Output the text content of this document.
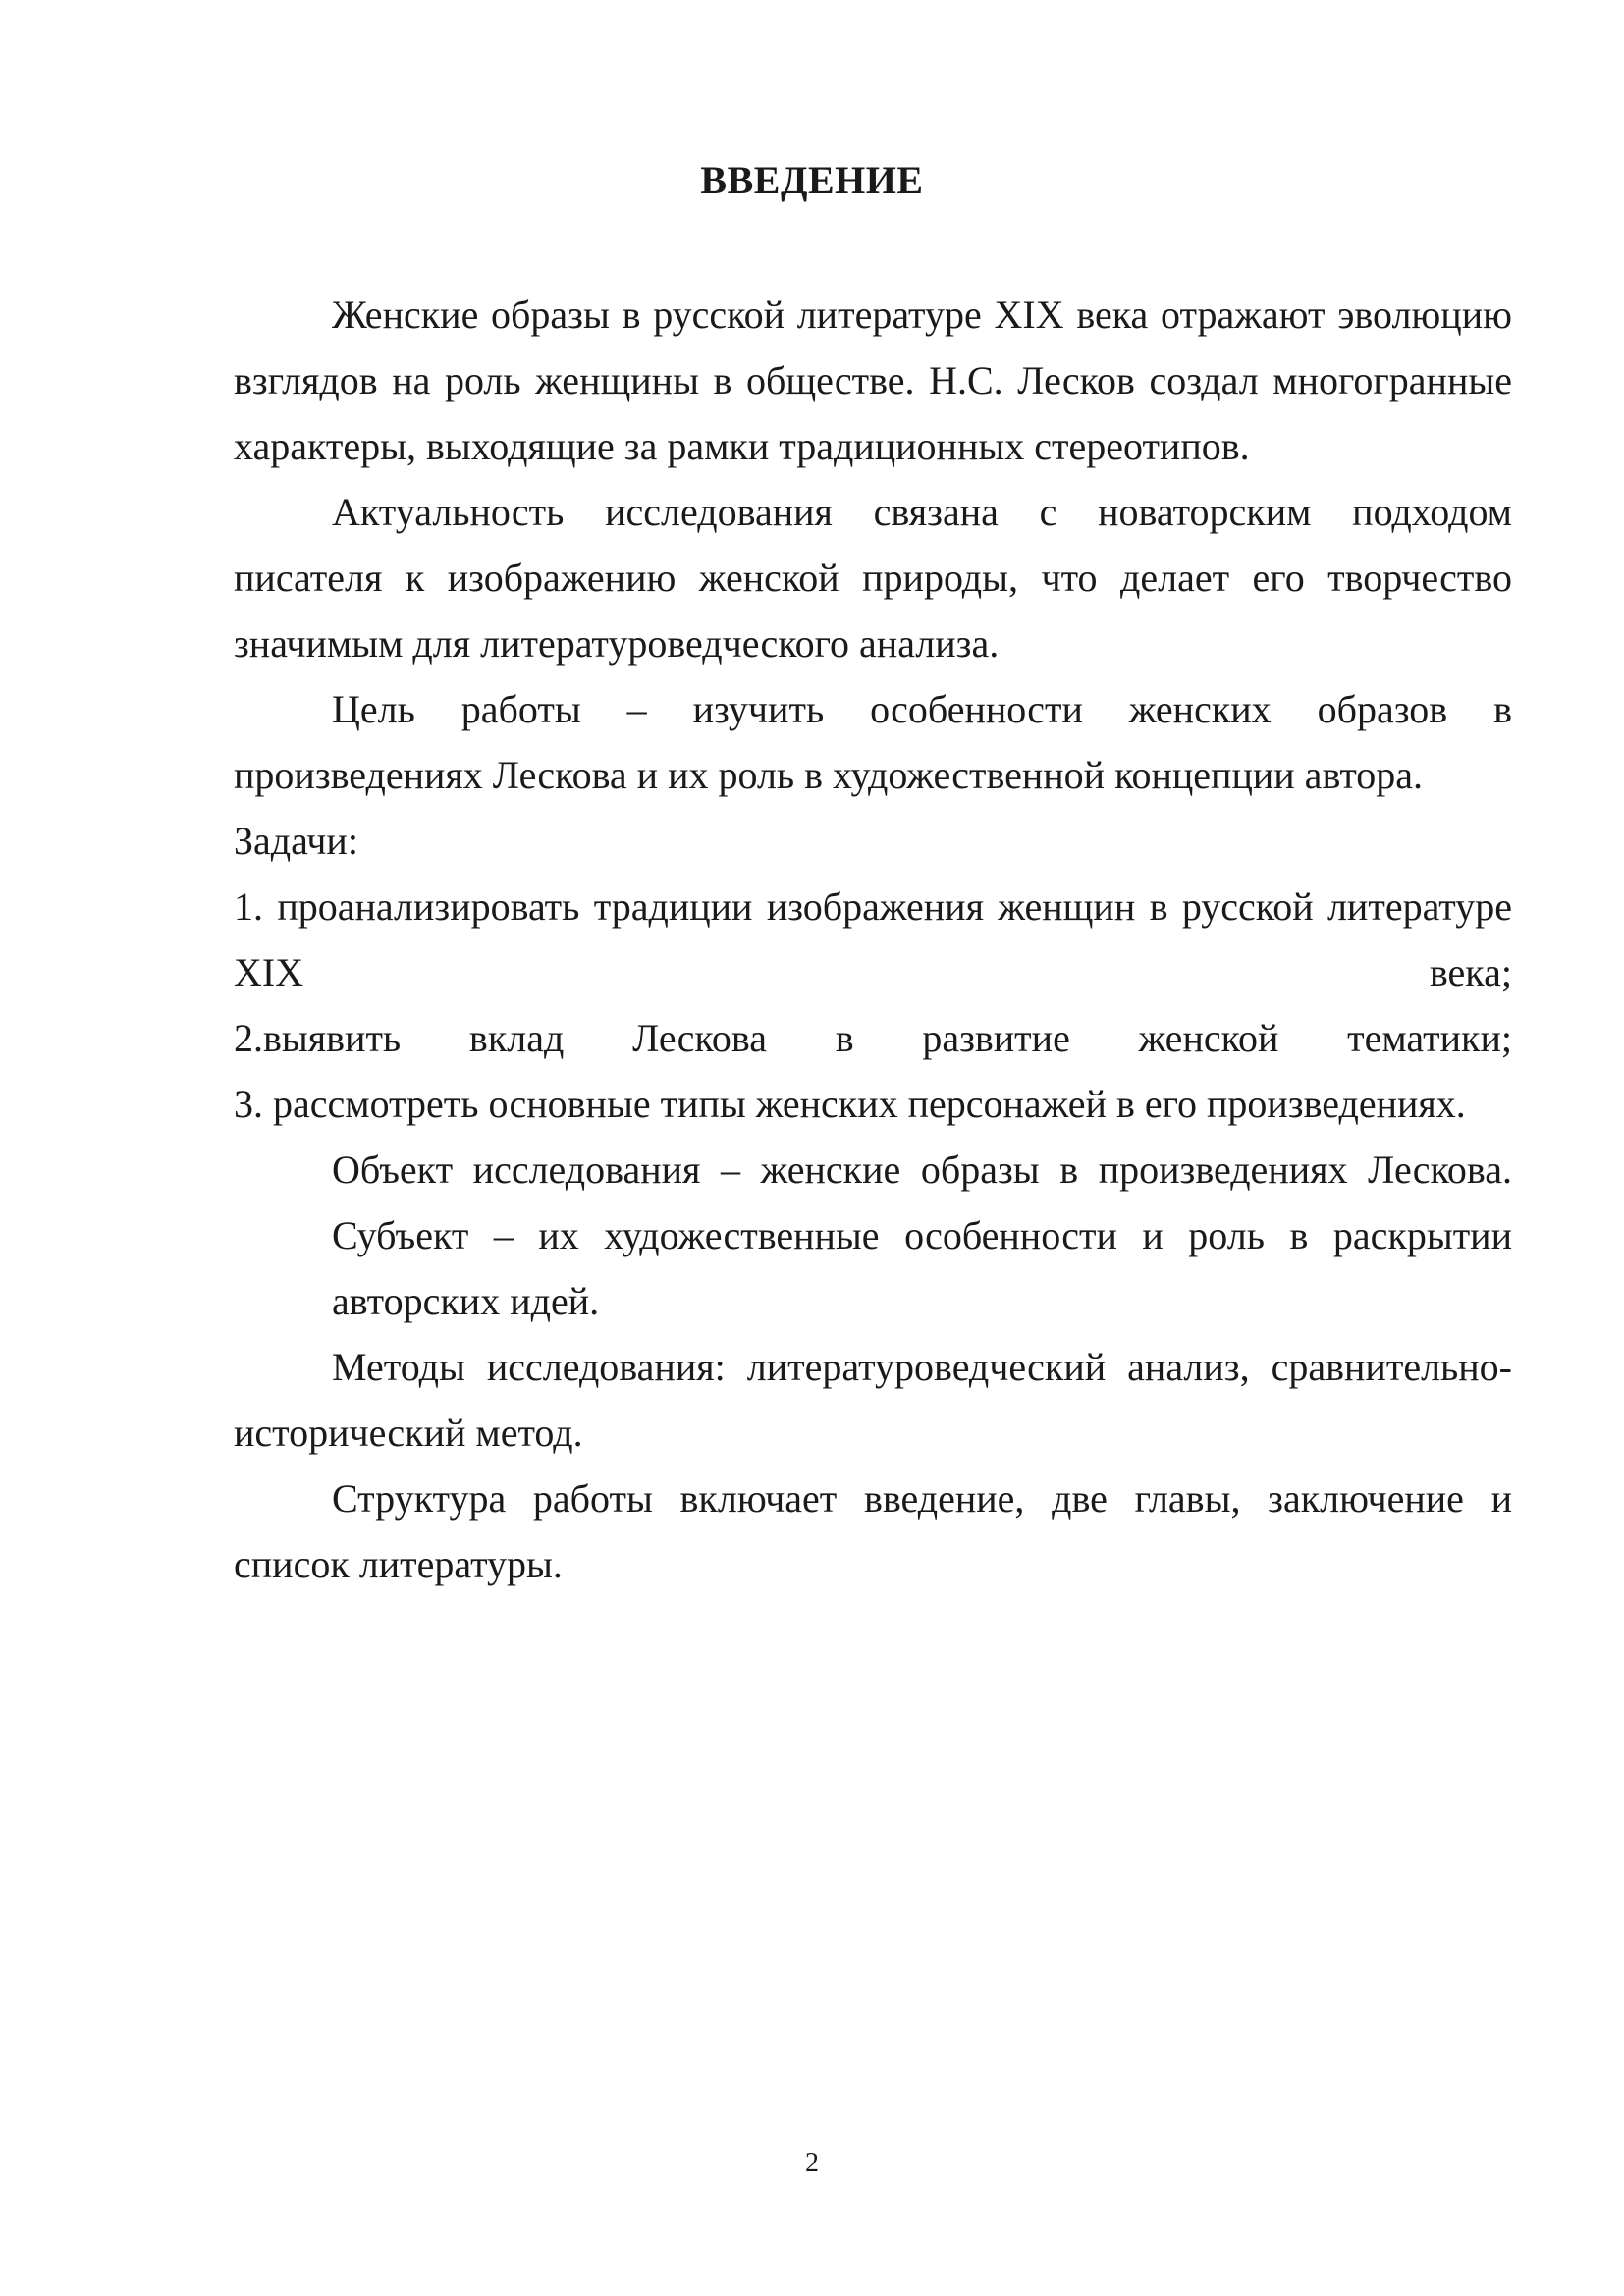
ВВЕДЕНИЕ

Женские образы в русской литературе XIX века отражают эволюцию взглядов на роль женщины в обществе. Н.С. Лесков создал многогранные характеры, выходящие за рамки традиционных стереотипов.

Актуальность исследования связана с новаторским подходом писателя к изображению женской природы, что делает его творчество значимым для литературоведческого анализа.

Цель работы – изучить особенности женских образов в произведениях Лескова и их роль в художественной концепции автора.

Задачи:

1. проанализировать традиции изображения женщин в русской литературе XIX века;

2.выявить вклад Лескова в развитие женской тематики;

3. рассмотреть основные типы женских персонажей в его произведениях.

Объект исследования – женские образы в произведениях Лескова.

Субъект – их художественные особенности и роль в раскрытии авторских идей.

Методы исследования: литературоведческий анализ, сравнительно-исторический метод.

Структура работы включает введение, две главы, заключение и список литературы.

2
